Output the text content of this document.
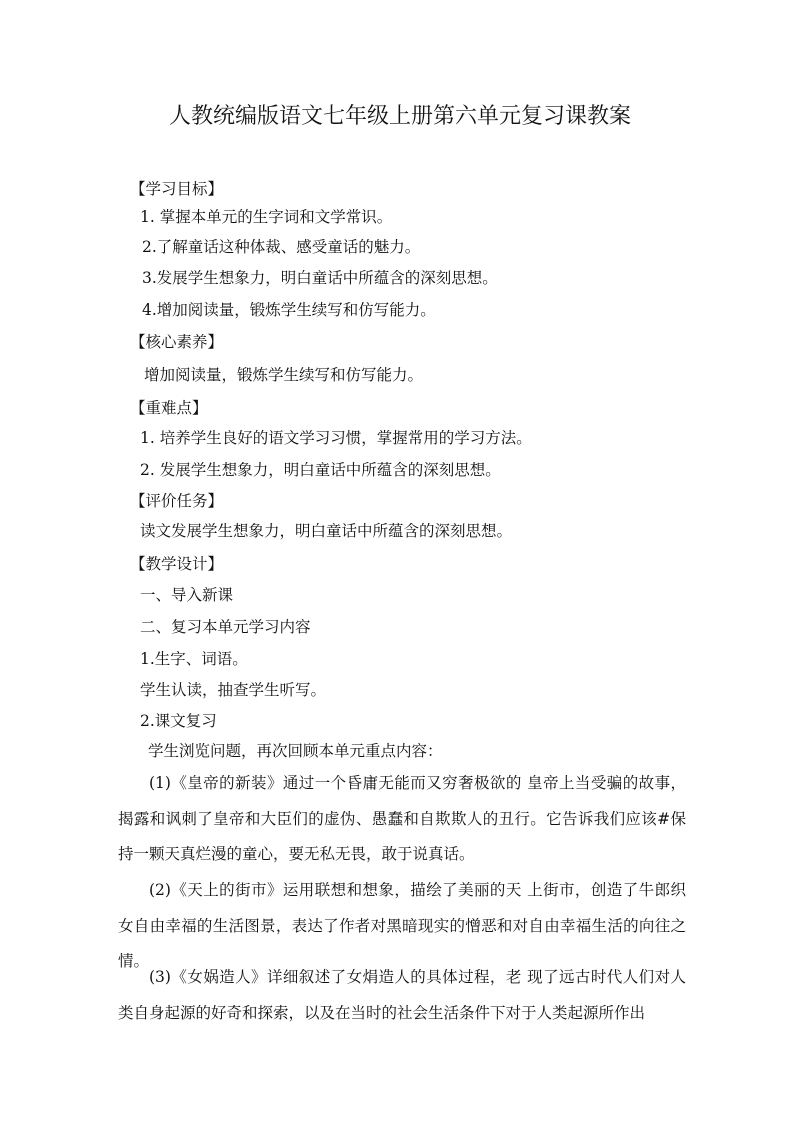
人教统编版语文七年级上册第六单元复习课教案
【学习目标】
1. 掌握本单元的生字词和文学常识。
2.了解童话这种体裁、感受童话的魅力。
3.发展学生想象力，明白童话中所蕴含的深刻思想。
4.增加阅读量，锻炼学生续写和仿写能力。
【核心素养】
增加阅读量，锻炼学生续写和仿写能力。
【重难点】
1. 培养学生良好的语文学习习惯，掌握常用的学习方法。
2. 发展学生想象力，明白童话中所蕴含的深刻思想。
【评价任务】
读文发展学生想象力，明白童话中所蕴含的深刻思想。
【教学设计】
一、导入新课
二、复习本单元学习内容
1.生字、词语。
学生认读，抽查学生听写。
2.课文复习
学生浏览问题，再次回顾本单元重点内容：
(1)《皇帝的新装》通过一个昏庸无能而又穷奢极欲的 皇帝上当受骗的故事，揭露和讽刺了皇帝和大臣们的虚伪、愚蠢和自欺欺人的丑行。它告诉我们应该#保持一颗天真烂漫的童心，要无私无畏，敢于说真话。
(2)《天上的街市》运用联想和想象，描绘了美丽的天 上街市，创造了牛郎织女自由幸福的生活图景，表达了作者对黑暗现实的憎恶和对自由幸福生活的向往之情。
(3)《女娲造人》详细叙述了女焆造人的具体过程，老 现了远古时代人们对人类自身起源的好奇和探索，以及在当时的社会生活条件下对于人类起源所作出
